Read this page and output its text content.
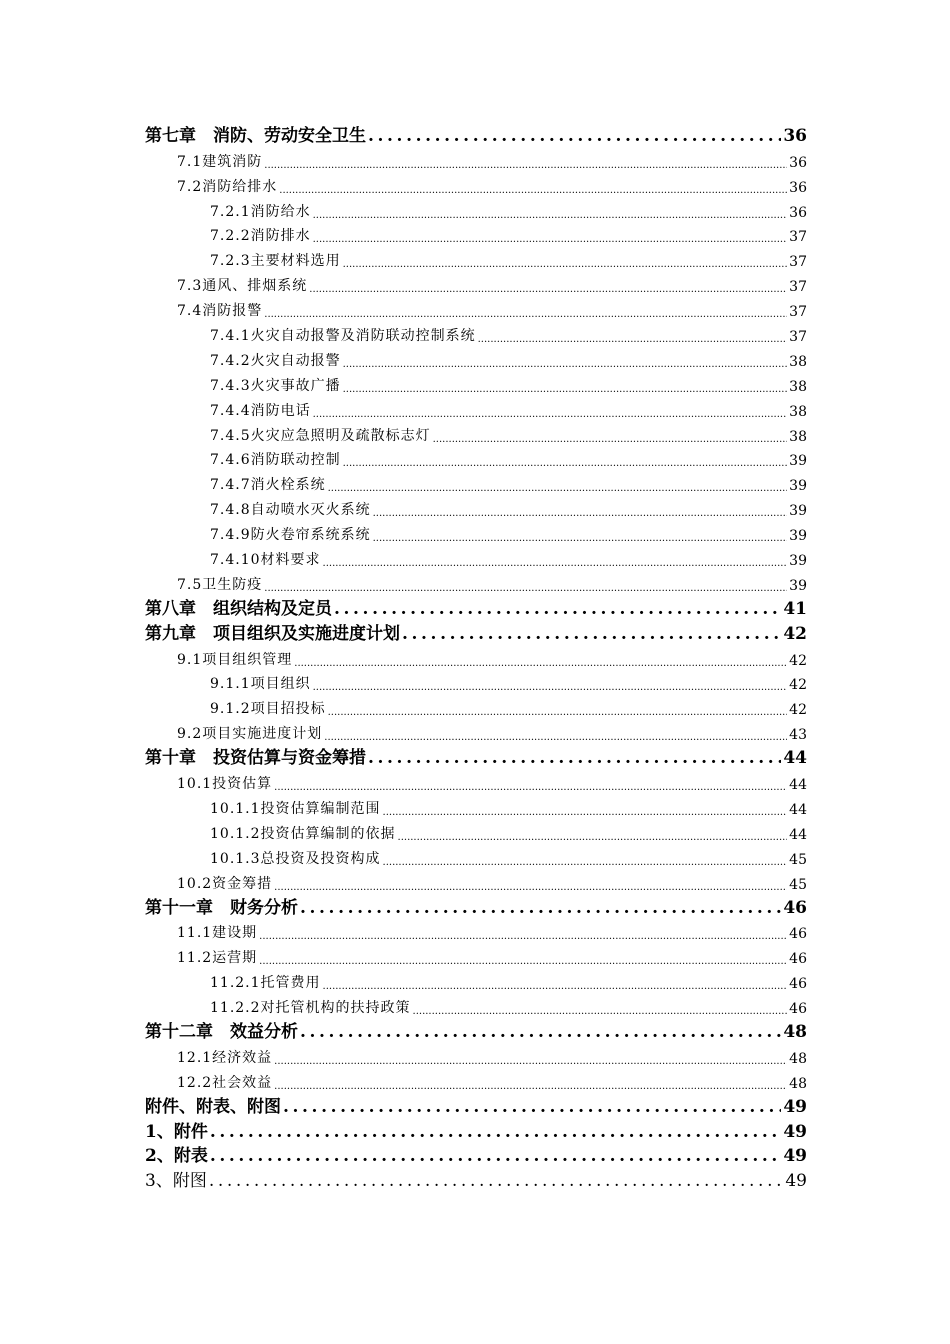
第七章　消防、劳动安全卫生 .....	36
7.1建筑消防 .....	36
7.2消防给排水 .....	36
7.2.1消防给水 .....	36
7.2.2消防排水 .....	37
7.2.3主要材料选用 .....	37
7.3通风、排烟系统 .....	37
7.4消防报警 .....	37
7.4.1火灾自动报警及消防联动控制系统 .....	37
7.4.2火灾自动报警 .....	38
7.4.3火灾事故广播 .....	38
7.4.4消防电话 .....	38
7.4.5火灾应急照明及疏散标志灯 .....	38
7.4.6消防联动控制 .....	39
7.4.7消火栓系统 .....	39
7.4.8自动喷水灭火系统 .....	39
7.4.9防火卷帘系统系统 .....	39
7.4.10材料要求 .....	39
7.5卫生防疫 .....	39
第八章　组织结构及定员 .....	41
第九章　项目组织及实施进度计划 .....	42
9.1项目组织管理 .....	42
9.1.1项目组织 .....	42
9.1.2项目招投标 .....	42
9.2项目实施进度计划 .....	43
第十章　投资估算与资金筹措 .....	44
10.1投资估算 .....	44
10.1.1投资估算编制范围 .....	44
10.1.2投资估算编制的依据 .....	44
10.1.3总投资及投资构成 .....	45
10.2资金筹措 .....	45
第十一章　财务分析 .....	46
11.1建设期 .....	46
11.2运营期 .....	46
11.2.1托管费用 .....	46
11.2.2对托管机构的扶持政策 .....	46
第十二章　效益分析 .....	48
12.1经济效益 .....	48
12.2社会效益 .....	48
附件、附表、附图 .....	49
1、附件 .....	49
2、附表 .....	49
3、附图 .....	49
